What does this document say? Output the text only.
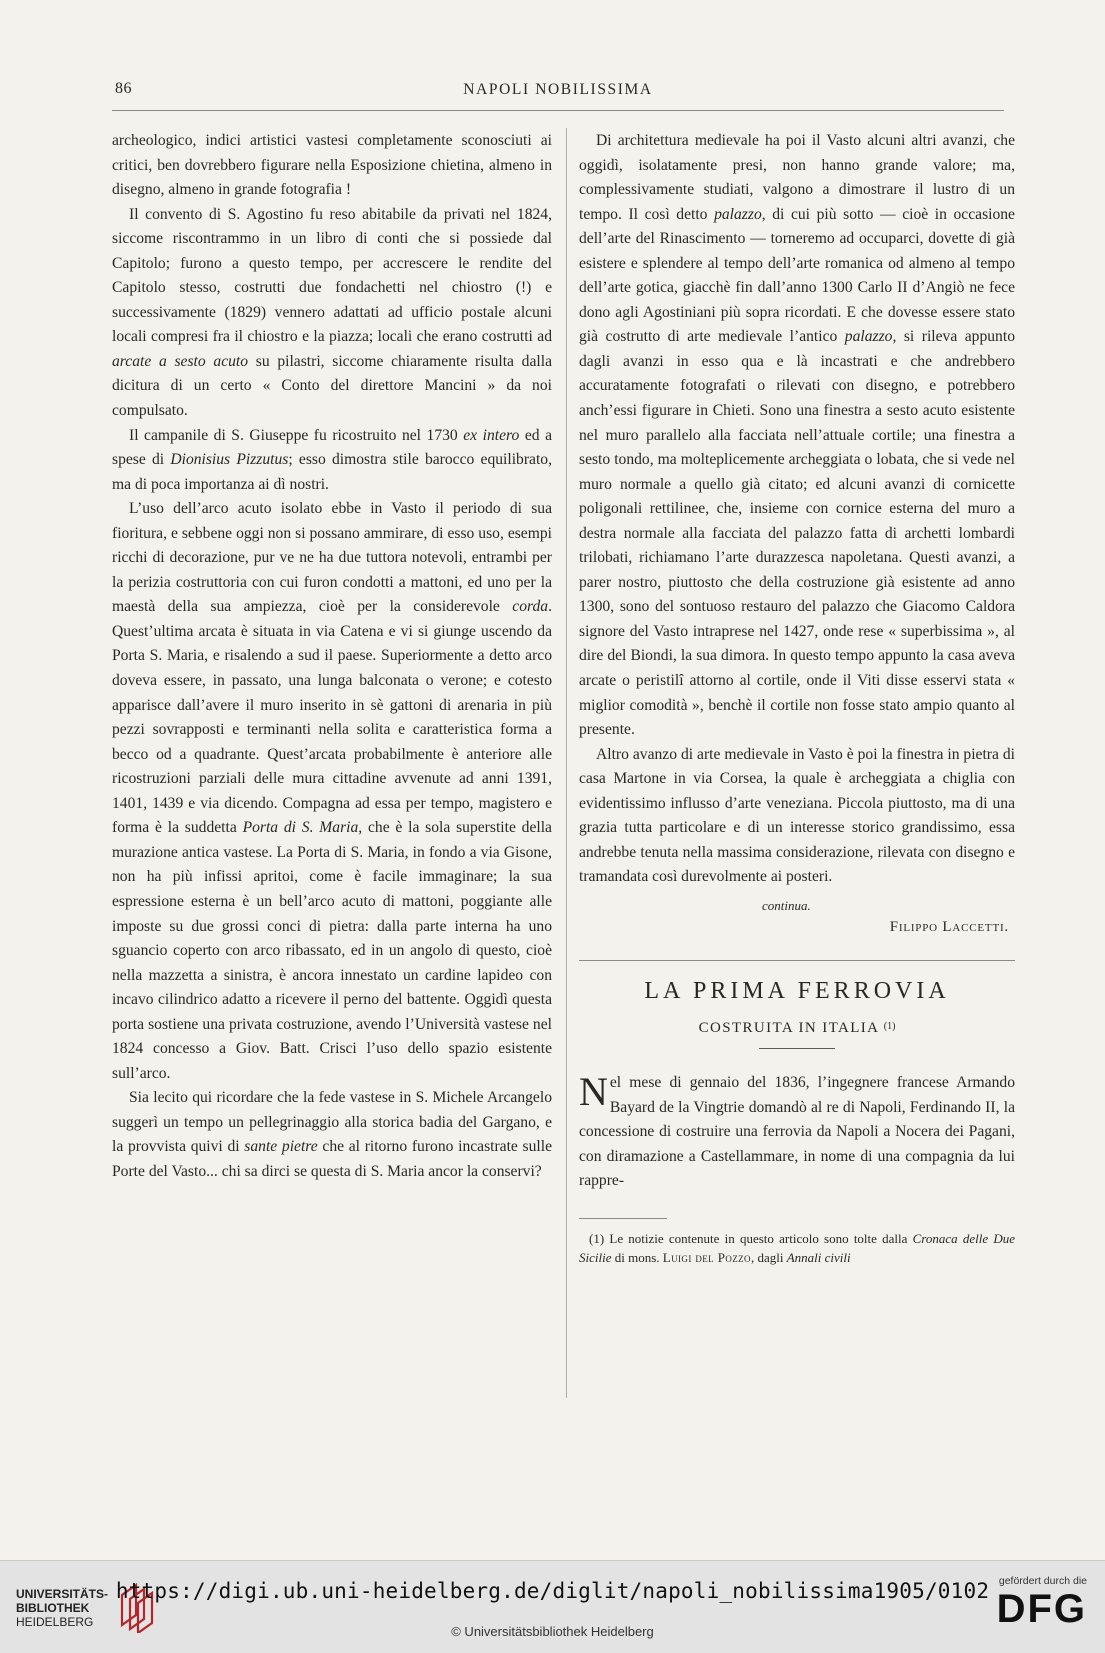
86	NAPOLI NOBILISSIMA

archeologico, indici artistici vastesi completamente sconosciuti ai critici, ben dovrebbero figurare nella Esposizione chietina, almeno in disegno, almeno in grande fotografia !

Il convento di S. Agostino fu reso abitabile da privati nel 1824, siccome riscontrammo in un libro di conti che si possiede dal Capitolo; furono a questo tempo, per accrescere le rendite del Capitolo stesso, costrutti due fondachetti nel chiostro (!) e successivamente (1829) vennero adattati ad ufficio postale alcuni locali compresi fra il chiostro e la piazza; locali che erano costrutti ad arcate a sesto acuto su pilastri, siccome chiaramente risulta dalla dicitura di un certo « Conto del direttore Mancini » da noi compulsato.

Il campanile di S. Giuseppe fu ricostruito nel 1730 ex intero ed a spese di Dionisius Pizzutus; esso dimostra stile barocco equilibrato, ma di poca importanza ai dì nostri.

L’uso dell’arco acuto isolato ebbe in Vasto il periodo di sua fioritura, e sebbene oggi non si possano ammirare, di esso uso, esempi ricchi di decorazione, pur ve ne ha due tuttora notevoli, entrambi per la perizia costruttoria con cui furon condotti a mattoni, ed uno per la maestà della sua ampiezza, cioè per la considerevole corda. Quest’ultima arcata è situata in via Catena e vi si giunge uscendo da Porta S. Maria, e risalendo a sud il paese. Superiormente a detto arco doveva essere, in passato, una lunga balconata o verone; e cotesto apparisce dall’avere il muro inserito in sè gattoni di arenaria in più pezzi sovrapposti e terminanti nella solita e caratteristica forma a becco od a quadrante. Quest’arcata probabilmente è anteriore alle ricostruzioni parziali delle mura cittadine avvenute ad anni 1391, 1401, 1439 e via dicendo. Compagna ad essa per tempo, magistero e forma è la suddetta Porta di S. Maria, che è la sola superstite della murazione antica vastese. La Porta di S. Maria, in fondo a via Gisone, non ha più infissi apritoi, come è facile immaginare; la sua espressione esterna è un bell’arco acuto di mattoni, poggiante alle imposte su due grossi conci di pietra: dalla parte interna ha uno sguancio coperto con arco ribassato, ed in un angolo di questo, cioè nella mazzetta a sinistra, è ancora innestato un cardine lapideo con incavo cilindrico adatto a ricevere il perno del battente. Oggidì questa porta sostiene una privata costruzione, avendo l’Università vastese nel 1824 concesso a Giov. Batt. Crisci l’uso dello spazio esistente sull’arco.

Sia lecito qui ricordare che la fede vastese in S. Michele Arcangelo suggerì un tempo un pellegrinaggio alla storica badia del Gargano, e la provvista quivi di sante pietre che al ritorno furono incastrate sulle Porte del Vasto... chi sa dirci se questa di S. Maria ancor la conservi?

Di architettura medievale ha poi il Vasto alcuni altri avanzi, che oggidì, isolatamente presi, non hanno grande valore; ma, complessivamente studiati, valgono a dimostrare il lustro di un tempo. Il così detto palazzo, di cui più sotto — cioè in occasione dell’arte del Rinascimento — torneremo ad occuparci, dovette di già esistere e splendere al tempo dell’arte romanica od almeno al tempo dell’arte gotica, giacchè fin dall’anno 1300 Carlo II d’Angiò ne fece dono agli Agostiniani più sopra ricordati. E che dovesse essere stato già costrutto di arte medievale l’antico palazzo, si rileva appunto dagli avanzi in esso qua e là incastrati e che andrebbero accuratamente fotografati o rilevati con disegno, e potrebbero anch’essi figurare in Chieti. Sono una finestra a sesto acuto esistente nel muro parallelo alla facciata nell’attuale cortile; una finestra a sesto tondo, ma molteplicemente archeggiata o lobata, che si vede nel muro normale a quello già citato; ed alcuni avanzi di cornicette poligonali rettilinee, che, insieme con cornice esterna del muro a destra normale alla facciata del palazzo fatta di archetti lombardi trilobati, richiamano l’arte durazzesca napoletana. Questi avanzi, a parer nostro, piuttosto che della costruzione già esistente ad anno 1300, sono del sontuoso restauro del palazzo che Giacomo Caldora signore del Vasto intraprese nel 1427, onde rese « superbissima », al dire del Biondi, la sua dimora. In questo tempo appunto la casa aveva arcate o peristilî attorno al cortile, onde il Viti disse esservi stata « miglior comodità », benchè il cortile non fosse stato ampio quanto al presente.

Altro avanzo di arte medievale in Vasto è poi la finestra in pietra di casa Martone in via Corsea, la quale è archeggiata a chiglia con evidentissimo influsso d’arte veneziana. Piccola piuttosto, ma di una grazia tutta particolare e di un interesse storico grandissimo, essa andrebbe tenuta nella massima considerazione, rilevata con disegno e tramandata così durevolmente ai posteri.

continua.
Filippo Laccetti.
LA PRIMA FERROVIA
COSTRUITA IN ITALIA $^{(1)}$

Nel mese di gennaio del 1836, l’ingegnere francese Armando Bayard de la Vingtrie domandò al re di Napoli, Ferdinando II, la concessione di costruire una ferrovia da Napoli a Nocera dei Pagani, con diramazione a Castellammare, in nome di una compagnia da lui rappre-

(1) Le notizie contenute in questo articolo sono tolte dalla Cronaca delle Due Sicilie di mons. Luigi del Pozzo, dagli Annali civili
UNIVERSITÄTS-
BIBLIOTHEK
HEIDELBERG
https://digi.ub.uni-heidelberg.de/diglit/napoli_nobilissima1905/0102
© Universitätsbibliothek Heidelberg
gefördert durch die
DFG
